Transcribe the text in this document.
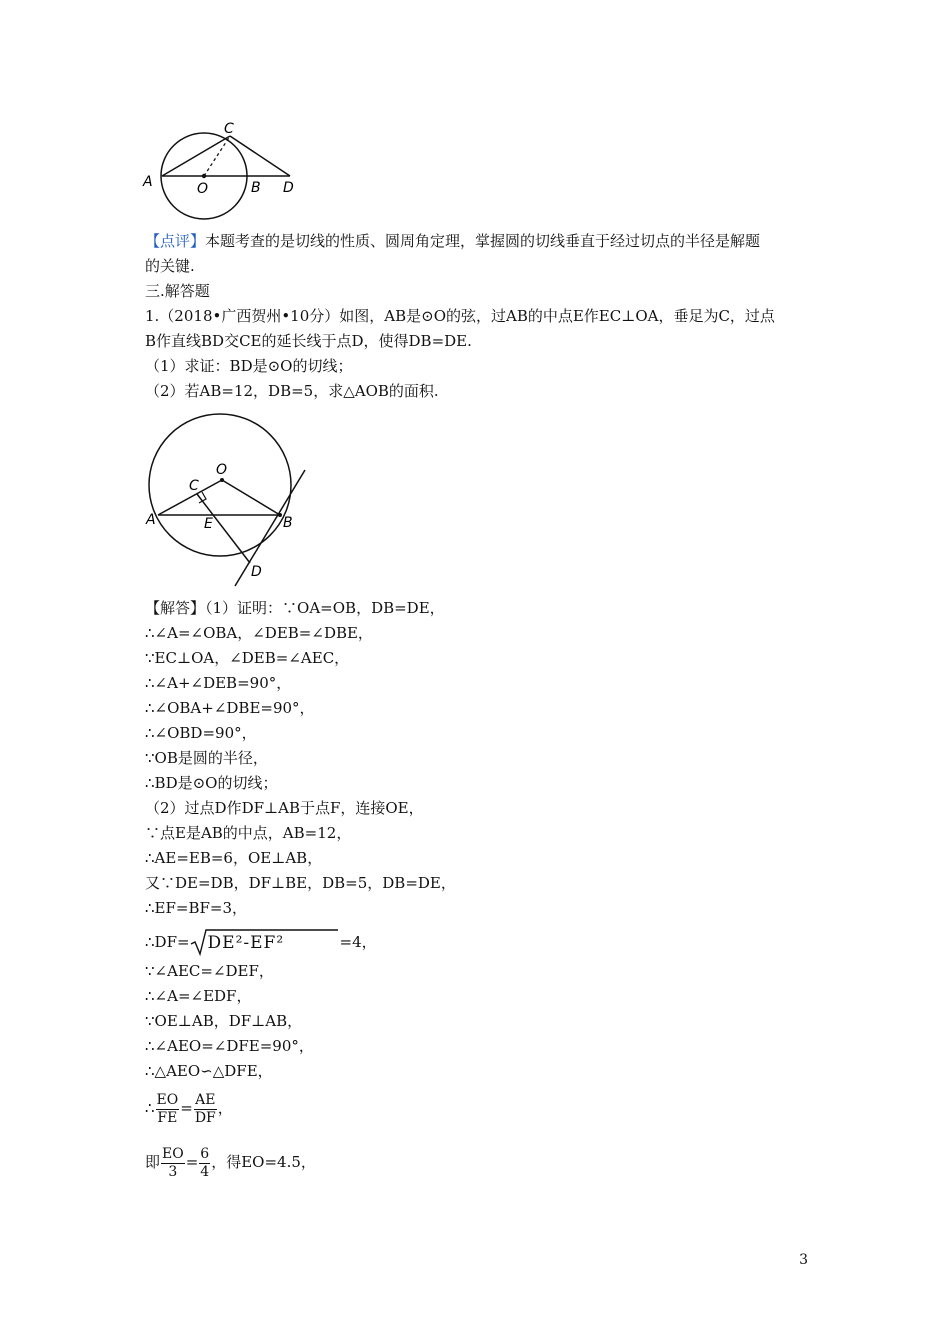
A
C
O	B D
【点评】本题考查的是切线的性质、圆周角定理，掌握圆的切线垂直于经过切点的半径是解题
的关键.
三.解答题
1.（2018•广西贺州•10分）如图，AB是⊙O的弦，过AB的中点E作EC⊥OA，垂足为C，过点
B作直线BD交CE的延长线于点D，使得DB=DE.
（1）求证：BD是⊙O的切线；
（2）若AB=12，DB=5，求△AOB的面积.
O
C
A	E	B
D
【解答】（1）证明：∵OA=OB，DB=DE，
∴∠A=∠OBA，∠DEB=∠DBE，
∵EC⊥OA，∠DEB=∠AEC，
∴∠A+∠DEB=90°，
∴∠OBA+∠DBE=90°，
∴∠OBD=90°，
∵OB是圆的半径，
∴BD是⊙O的切线；
（2）过点D作DF⊥AB于点F，连接OE，
∵点E是AB的中点，AB=12，
∴AE=EB=6，OE⊥AB，
又∵DE=DB，DF⊥BE，DB=5，DB=DE，
∴EF=BF=3，
∴DF= DE²-EF²	=4，
∵∠AEC=∠DEF，
∴∠A=∠EDF，
∵OE⊥AB，DF⊥AB，
∴∠AEO=∠DFE=90°，
∴△AEO∽△DFE，
∴ $\frac{EO}{FE} = \frac{AE}{DF}$ ，
即 $\frac{EO}{3} = \frac{6}{4}$ ，得EO=4.5，
3
